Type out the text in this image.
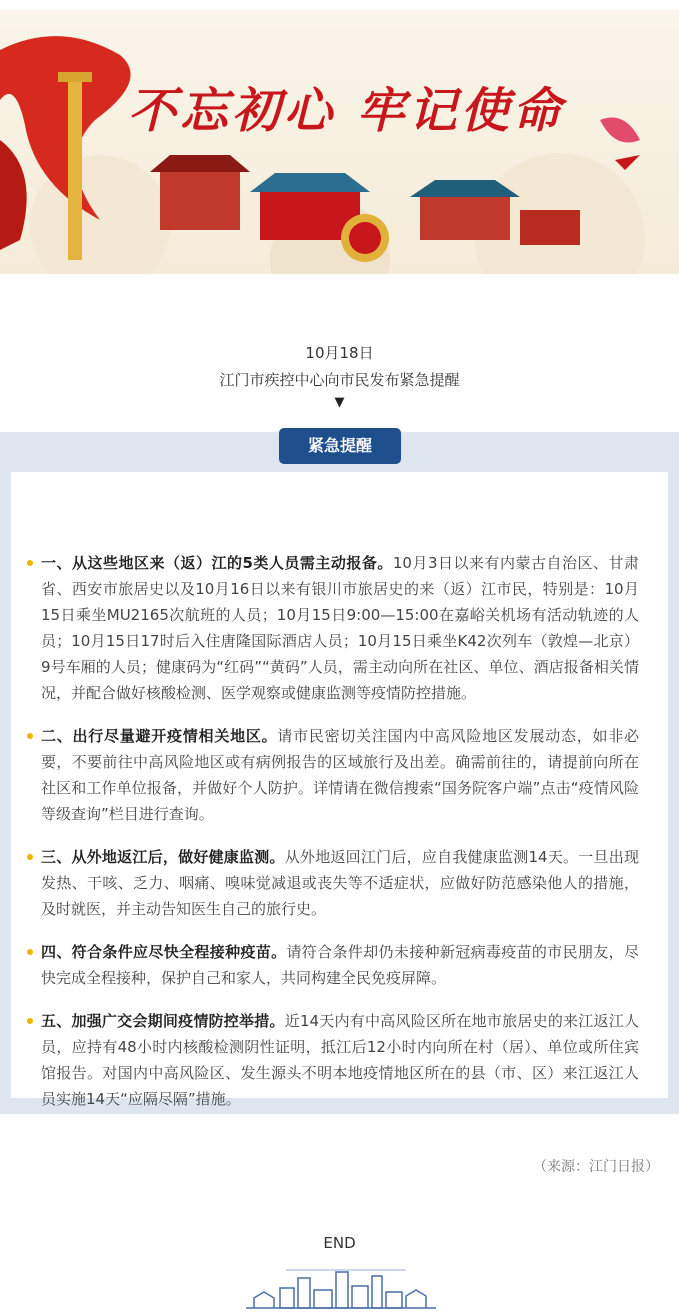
不忘初心 牢记使命
10月18日
江门市疾控中心向市民发布紧急提醒
▼
紧急提醒
一、从这些地区来（返）江的5类人员需主动报备。10月3日以来有内蒙古自治区、甘肃省、西安市旅居史以及10月16日以来有银川市旅居史的来（返）江市民，特别是：10月15日乘坐MU2165次航班的人员；10月15日9:00—15:00在嘉峪关机场有活动轨迹的人员；10月15日17时后入住唐隆国际酒店人员；10月15日乘坐K42次列车（敦煌—北京）9号车厢的人员；健康码为“红码”“黄码”人员，需主动向所在社区、单位、酒店报备相关情况，并配合做好核酸检测、医学观察或健康监测等疫情防控措施。
二、出行尽量避开疫情相关地区。请市民密切关注国内中高风险地区发展动态，如非必要，不要前往中高风险地区或有病例报告的区域旅行及出差。确需前往的，请提前向所在社区和工作单位报备，并做好个人防护。详情请在微信搜索“国务院客户端”点击“疫情风险等级查询”栏目进行查询。
三、从外地返江后，做好健康监测。从外地返回江门后，应自我健康监测14天。一旦出现发热、干咳、乏力、咽痛、嗅味觉减退或丧失等不适症状，应做好防范感染他人的措施，及时就医，并主动告知医生自己的旅行史。
四、符合条件应尽快全程接种疫苗。请符合条件却仍未接种新冠病毒疫苗的市民朋友，尽快完成全程接种，保护自己和家人，共同构建全民免疫屏障。
五、加强广交会期间疫情防控举措。近14天内有中高风险区所在地市旅居史的来江返江人员，应持有48小时内核酸检测阴性证明，抵江后12小时内向所在村（居）、单位或所住宾馆报告。对国内中高风险区、发生源头不明本地疫情地区所在的县（市、区）来江返江人员实施14天“应隔尽隔”措施。
（来源：江门日报）
END
